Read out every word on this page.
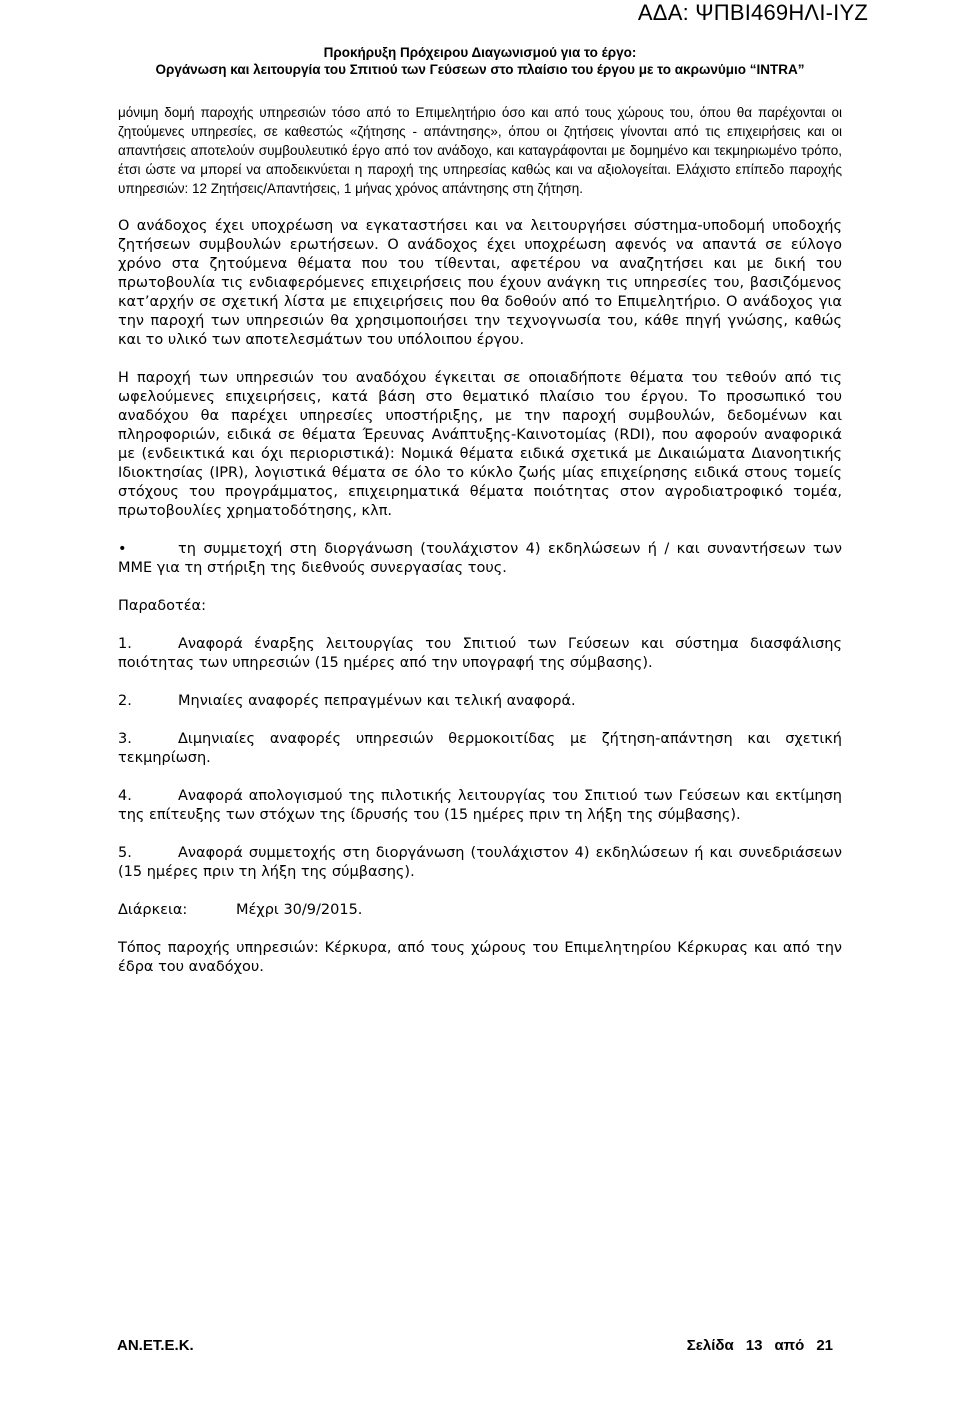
ΑΔΑ: ΨΠΒΙ469ΗΛΙ-ΙΥΖ
Προκήρυξη Πρόχειρου Διαγωνισμού για το έργο:
Οργάνωση και λειτουργία του Σπιτιού των Γεύσεων στο πλαίσιο του έργου με το ακρωνύμιο “INTRA”

μόνιμη δομή παροχής υπηρεσιών τόσο από το Επιμελητήριο όσο και από τους χώρους του, όπου θα παρέχονται οι ζητούμενες υπηρεσίες, σε καθεστώς «ζήτησης - απάντησης», όπου οι ζητήσεις γίνονται από τις επιχειρήσεις και οι απαντήσεις αποτελούν συμβουλευτικό έργο από τον ανάδοχο, και καταγράφονται με δομημένο και τεκμηριωμένο τρόπο, έτσι ώστε να μπορεί να αποδεικνύεται η παροχή της υπηρεσίας καθώς και να αξιολογείται. Ελάχιστο επίπεδο παροχής υπηρεσιών: 12 Ζητήσεις/Απαντήσεις, 1 μήνας χρόνος απάντησης στη ζήτηση.

Ο ανάδοχος έχει υποχρέωση να εγκαταστήσει και να λειτουργήσει σύστημα-υποδομή υποδοχής ζητήσεων συμβουλών ερωτήσεων. Ο ανάδοχος έχει υποχρέωση αφενός να απαντά σε εύλογο χρόνο στα ζητούμενα θέματα που του τίθενται, αφετέρου να αναζητήσει και με δική του πρωτοβουλία τις ενδιαφερόμενες επιχειρήσεις που έχουν ανάγκη τις υπηρεσίες του, βασιζόμενος κατ’αρχήν σε σχετική λίστα με επιχειρήσεις που θα δοθούν από το Επιμελητήριο. Ο ανάδοχος για την παροχή των υπηρεσιών θα χρησιμοποιήσει την τεχνογνωσία του, κάθε πηγή γνώσης, καθώς και το υλικό των αποτελεσμάτων του υπόλοιπου έργου.

Η παροχή των υπηρεσιών του αναδόχου έγκειται σε οποιαδήποτε θέματα του τεθούν από τις ωφελούμενες επιχειρήσεις, κατά βάση στο θεματικό πλαίσιο του έργου. Το προσωπικό του αναδόχου θα παρέχει υπηρεσίες υποστήριξης, με την παροχή συμβουλών, δεδομένων και πληροφοριών, ειδικά σε θέματα Έρευνας Ανάπτυξης-Καινοτομίας (RDI), που αφορούν αναφορικά με (ενδεικτικά και όχι περιοριστικά): Νομικά θέματα ειδικά σχετικά με Δικαιώματα Διανοητικής Ιδιοκτησίας (IPR), λογιστικά θέματα σε όλο το κύκλο ζωής μίας επιχείρησης ειδικά στους τομείς στόχους του προγράμματος, επιχειρηματικά θέματα ποιότητας στον αγροδιατροφικό τομέα, πρωτοβουλίες χρηματοδότησης, κλπ.

•	τη συμμετοχή στη διοργάνωση (τουλάχιστον 4) εκδηλώσεων ή / και συναντήσεων των ΜΜΕ για τη στήριξη της διεθνούς συνεργασίας τους.

Παραδοτέα:

1.	Αναφορά έναρξης λειτουργίας του Σπιτιού των Γεύσεων και σύστημα διασφάλισης ποιότητας των υπηρεσιών (15 ημέρες από την υπογραφή της σύμβασης).

2.	Μηνιαίες αναφορές πεπραγμένων και τελική αναφορά.

3.	Διμηνιαίες αναφορές υπηρεσιών θερμοκοιτίδας με ζήτηση-απάντηση και σχετική τεκμηρίωση.

4.	Αναφορά απολογισμού της πιλοτικής λειτουργίας του Σπιτιού των Γεύσεων και εκτίμηση της επίτευξης των στόχων της ίδρυσής του (15 ημέρες πριν τη λήξη της σύμβασης).

5.	Αναφορά συμμετοχής στη διοργάνωση (τουλάχιστον 4) εκδηλώσεων ή και συνεδριάσεων (15 ημέρες πριν τη λήξη της σύμβασης).

Διάρκεια:	Μέχρι 30/9/2015.

Τόπος παροχής υπηρεσιών: Κέρκυρα, από τους χώρους του Επιμελητηρίου Κέρκυρας και από την έδρα του αναδόχου.

ΑΝ.ΕΤ.Ε.Κ.	Σελίδα 13 από 21
